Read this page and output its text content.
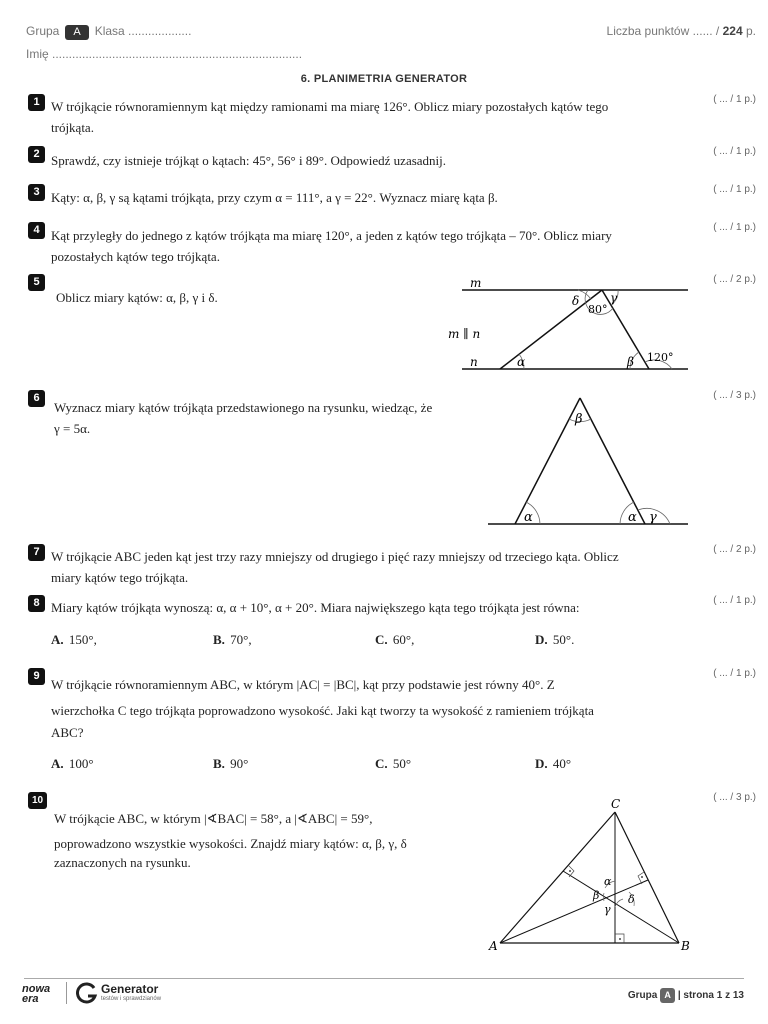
Grupa A Klasa ...................	Liczba punktów ...... / 224 p.
Imię ...........................................................................
6. PLANIMETRIA GENERATOR
1 W trójkącie równoramiennym kąt między ramionami ma miarę 126°. Oblicz miary pozostałych kątów tego
trójkąta.
( ... / 1 p.)
2 Sprawdź, czy istnieje trójkąt o kątach: 45°, 56° i 89°. Odpowiedź uzasadnij.
( ... / 1 p.)
3 Kąty: α, β, γ są kątami trójkąta, przy czym α = 111°, a γ = 22°. Wyznacz miarę kąta β.
( ... / 1 p.)
4 Kąt przyległy do jednego z kątów trójkąta ma miarę 120°, a jeden z kątów tego trójkąta – 70°. Oblicz miary
pozostałych kątów tego trójkąta.
( ... / 1 p.)
5
Oblicz miary kątów: α, β, γ i δ.
( ... / 2 p.)
m
n
m ∥ n
δ	γ
80°
α	β 120°
6
Wyznacz miary kątów trójkąta przedstawionego na rysunku, wiedząc, że
γ = 5α.
( ... / 3 p.)
β
α	α γ
7 W trójkącie ABC jeden kąt jest trzy razy mniejszy od drugiego i pięć razy mniejszy od trzeciego kąta. Oblicz
miary kątów tego trójkąta.
( ... / 2 p.)
8 Miary kątów trójkąta wynoszą: α, α + 10°, α + 20°. Miara największego kąta tego trójkąta jest równa:	( ... / 1 p.)
A. 150°,	B. 70°,	C. 60°,	D. 50°.
9
W trójkącie równoramiennym ABC, w którym |AC| = |BC|, kąt przy podstawie jest równy 40°. Z
wierzchołka C tego trójkąta poprowadzono wysokość. Jaki kąt tworzy ta wysokość z ramieniem trójkąta
ABC?
( ... / 1 p.)
A. 100°	B. 90°	C. 50°	D. 40°
10
W trójkącie ABC, w którym |∢BAC| = 58°, a |∢ABC| = 59°,
poprowadzono wszystkie wysokości. Znajdź miary kątów: α, β, γ, δ
zaznaczonych na rysunku.
( ... / 3 p.)
C
A	B
α
β
γ
δ
nowa
era
Generator
testów i sprawdzianów	Grupa A | strona 1 z 13
